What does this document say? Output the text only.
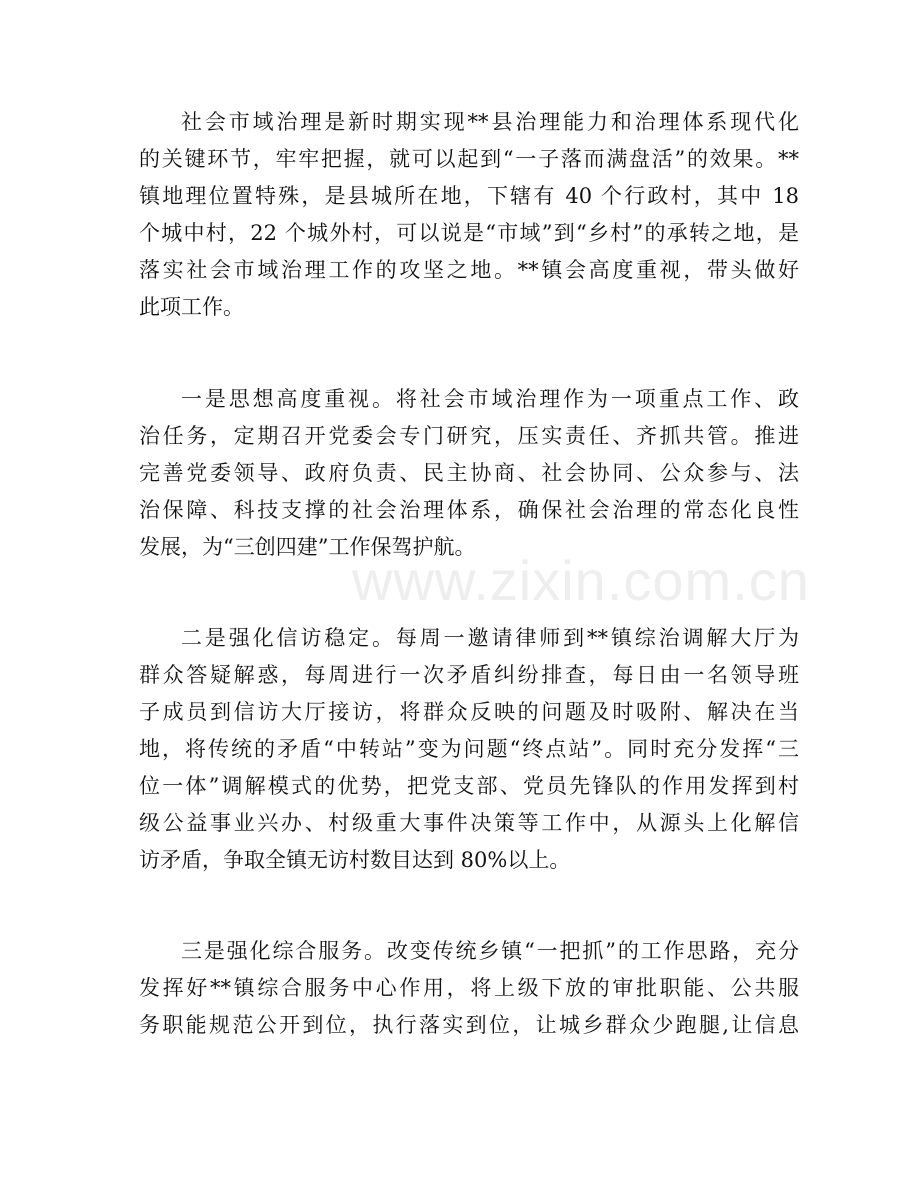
社会市域治理是新时期实现**县治理能力和治理体系现代化
的关键环节，牢牢把握，就可以起到“一子落而满盘活”的效果。**
镇地理位置特殊，是县城所在地，下辖有 40 个行政村，其中 18
个城中村，22 个城外村，可以说是“市域”到“乡村”的承转之地，是
落实社会市域治理工作的攻坚之地。**镇会高度重视，带头做好
此项工作。
一是思想高度重视。将社会市域治理作为一项重点工作、政
治任务，定期召开党委会专门研究，压实责任、齐抓共管。推进
完善党委领导、政府负责、民主协商、社会协同、公众参与、法
治保障、科技支撑的社会治理体系，确保社会治理的常态化良性
发展，为“三创四建”工作保驾护航。
二是强化信访稳定。每周一邀请律师到**镇综治调解大厅为
群众答疑解惑，每周进行一次矛盾纠纷排查，每日由一名领导班
子成员到信访大厅接访，将群众反映的问题及时吸附、解决在当
地，将传统的矛盾“中转站”变为问题“终点站”。同时充分发挥“三
位一体”调解模式的优势，把党支部、党员先锋队的作用发挥到村
级公益事业兴办、村级重大事件决策等工作中，从源头上化解信
访矛盾，争取全镇无访村数目达到 80%以上。
三是强化综合服务。改变传统乡镇“一把抓”的工作思路，充分
发挥好**镇综合服务中心作用，将上级下放的审批职能、公共服
务职能规范公开到位，执行落实到位，让城乡群众少跑腿,让信息
www.zixin.com.cn
